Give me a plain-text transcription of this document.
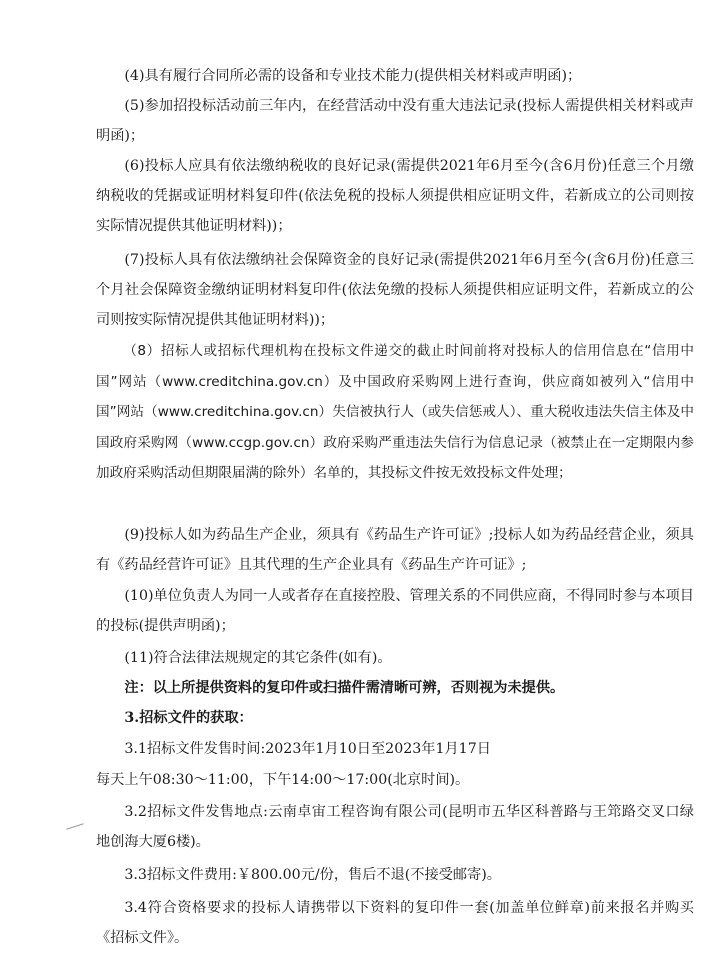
(4)具有履行合同所必需的设备和专业技术能力(提供相关材料或声明函)；

(5)参加招投标活动前三年内，在经营活动中没有重大违法记录(投标人需提供相关材料或声明函)；

(6)投标人应具有依法缴纳税收的良好记录(需提供2021年6月至今(含6月份)任意三个月缴纳税收的凭据或证明材料复印件(依法免税的投标人须提供相应证明文件，若新成立的公司则按实际情况提供其他证明材料))；

(7)投标人具有依法缴纳社会保障资金的良好记录(需提供2021年6月至今(含6月份)任意三个月社会保障资金缴纳证明材料复印件(依法免缴的投标人须提供相应证明文件，若新成立的公司则按实际情况提供其他证明材料))；

（8）招标人或招标代理机构在投标文件递交的截止时间前将对投标人的信用信息在“信用中国”网站（www.creditchina.gov.cn）及中国政府采购网上进行查询，供应商如被列入“信用中国”网站（www.creditchina.gov.cn）失信被执行人（或失信惩戒人）、重大税收违法失信主体及中国政府采购网（www.ccgp.gov.cn）政府采购严重违法失信行为信息记录（被禁止在一定期限内参加政府采购活动但期限届满的除外）名单的，其投标文件按无效投标文件处理；

(9)投标人如为药品生产企业，须具有《药品生产许可证》;投标人如为药品经营企业，须具有《药品经营许可证》且其代理的生产企业具有《药品生产许可证》;

(10)单位负责人为同一人或者存在直接控股、管理关系的不同供应商，不得同时参与本项目的投标(提供声明函)；

(11)符合法律法规规定的其它条件(如有)。

注：以上所提供资料的复印件或扫描件需清晰可辨，否则视为未提供。

3.招标文件的获取：

3.1招标文件发售时间:2023年1月10日至2023年1月17日

每天上午08:30～11:00，下午14:00～17:00(北京时间)。

3.2招标文件发售地点:云南卓宙工程咨询有限公司(昆明市五华区科普路与王筇路交叉口绿地创海大厦6楼)。

3.3招标文件费用:￥800.00元/份，售后不退(不接受邮寄)。

3.4符合资格要求的投标人请携带以下资料的复印件一套(加盖单位鲜章)前来报名并购买《招标文件》。
